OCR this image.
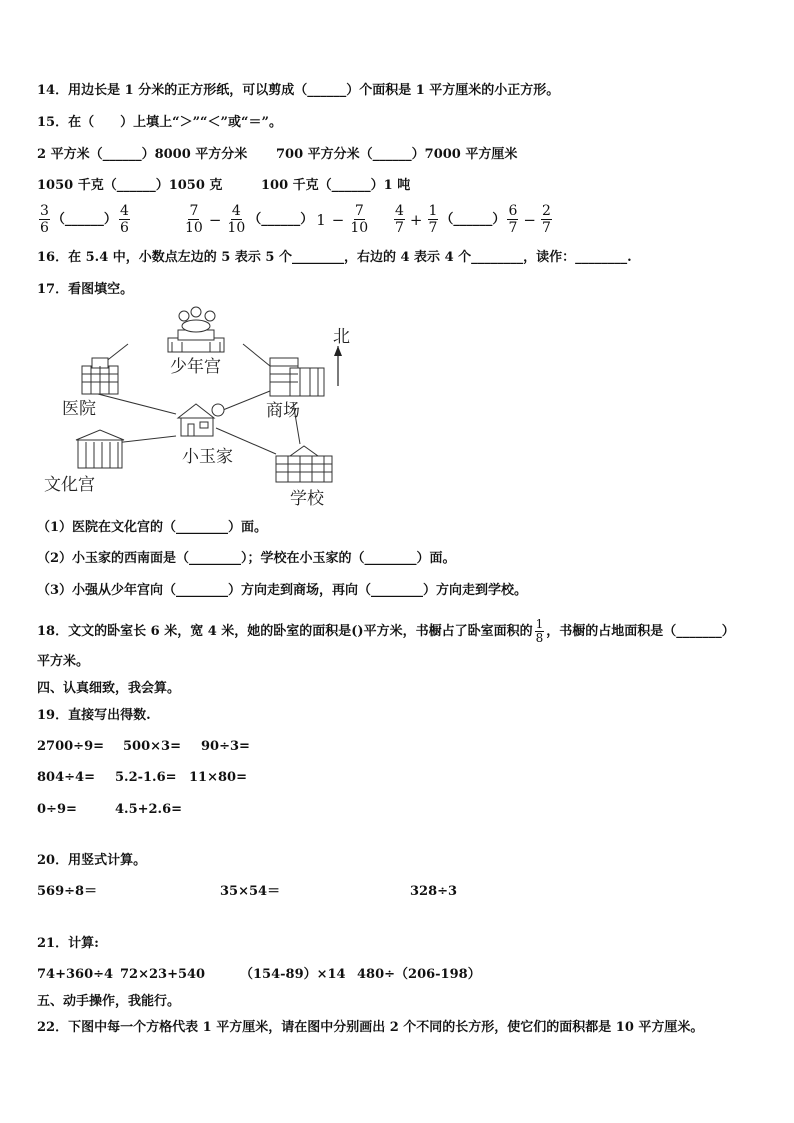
14．用边长是 1 分米的正方形纸，可以剪成（______）个面积是 1 平方厘米的小正方形。
15．在（　　）上填上“＞”“＜”或“＝”。
2 平方米（______）8000 平方分米 700 平方分米（______）7000 平方厘米
1050 千克（______）1050 克	100 千克（______）1 吨
$\frac{3}{6}$ （______） $\frac{4}{6}$	$\frac{7}{10} - \frac{4}{10}$ （______） $1 - \frac{7}{10} \frac{4}{7} + \frac{1}{7}$ （______） $\frac{6}{7} - \frac{2}{7}$
16．在 5.4 中，小数点左边的 5 表示 5 个________，右边的 4 表示 4 个________，读作：________.
17．看图填空。
北
少年宫
医院	商场
小玉家
文化宫
学校
（1）医院在文化宫的（________）面。
（2）小玉家的西南面是（________）；学校在小玉家的（________）面。
（3）小强从少年宫向（________）方向走到商场，再向（________）方向走到学校。
18．文文的卧室长 6 米，宽 4 米，她的卧室的面积是()平方米，书橱占了卧室面积的 $\frac{1}{8}$ ，书橱的占地面积是（_______）
平方米。
四、认真细致，我会算。
19．直接写出得数.
2700÷9= 500×3= 90÷3=
804÷4= 5.2-1.6= 11×80=
0÷9=	4.5+2.6=
20．用竖式计算。
569÷8＝	35×54＝	328÷3
21．计算:
74+360÷4 72×23+540	（154-89）×14 480÷（206-198）
五、动手操作，我能行。
22．下图中每一个方格代表 1 平方厘米，请在图中分别画出 2 个不同的长方形，使它们的面积都是 10 平方厘米。
